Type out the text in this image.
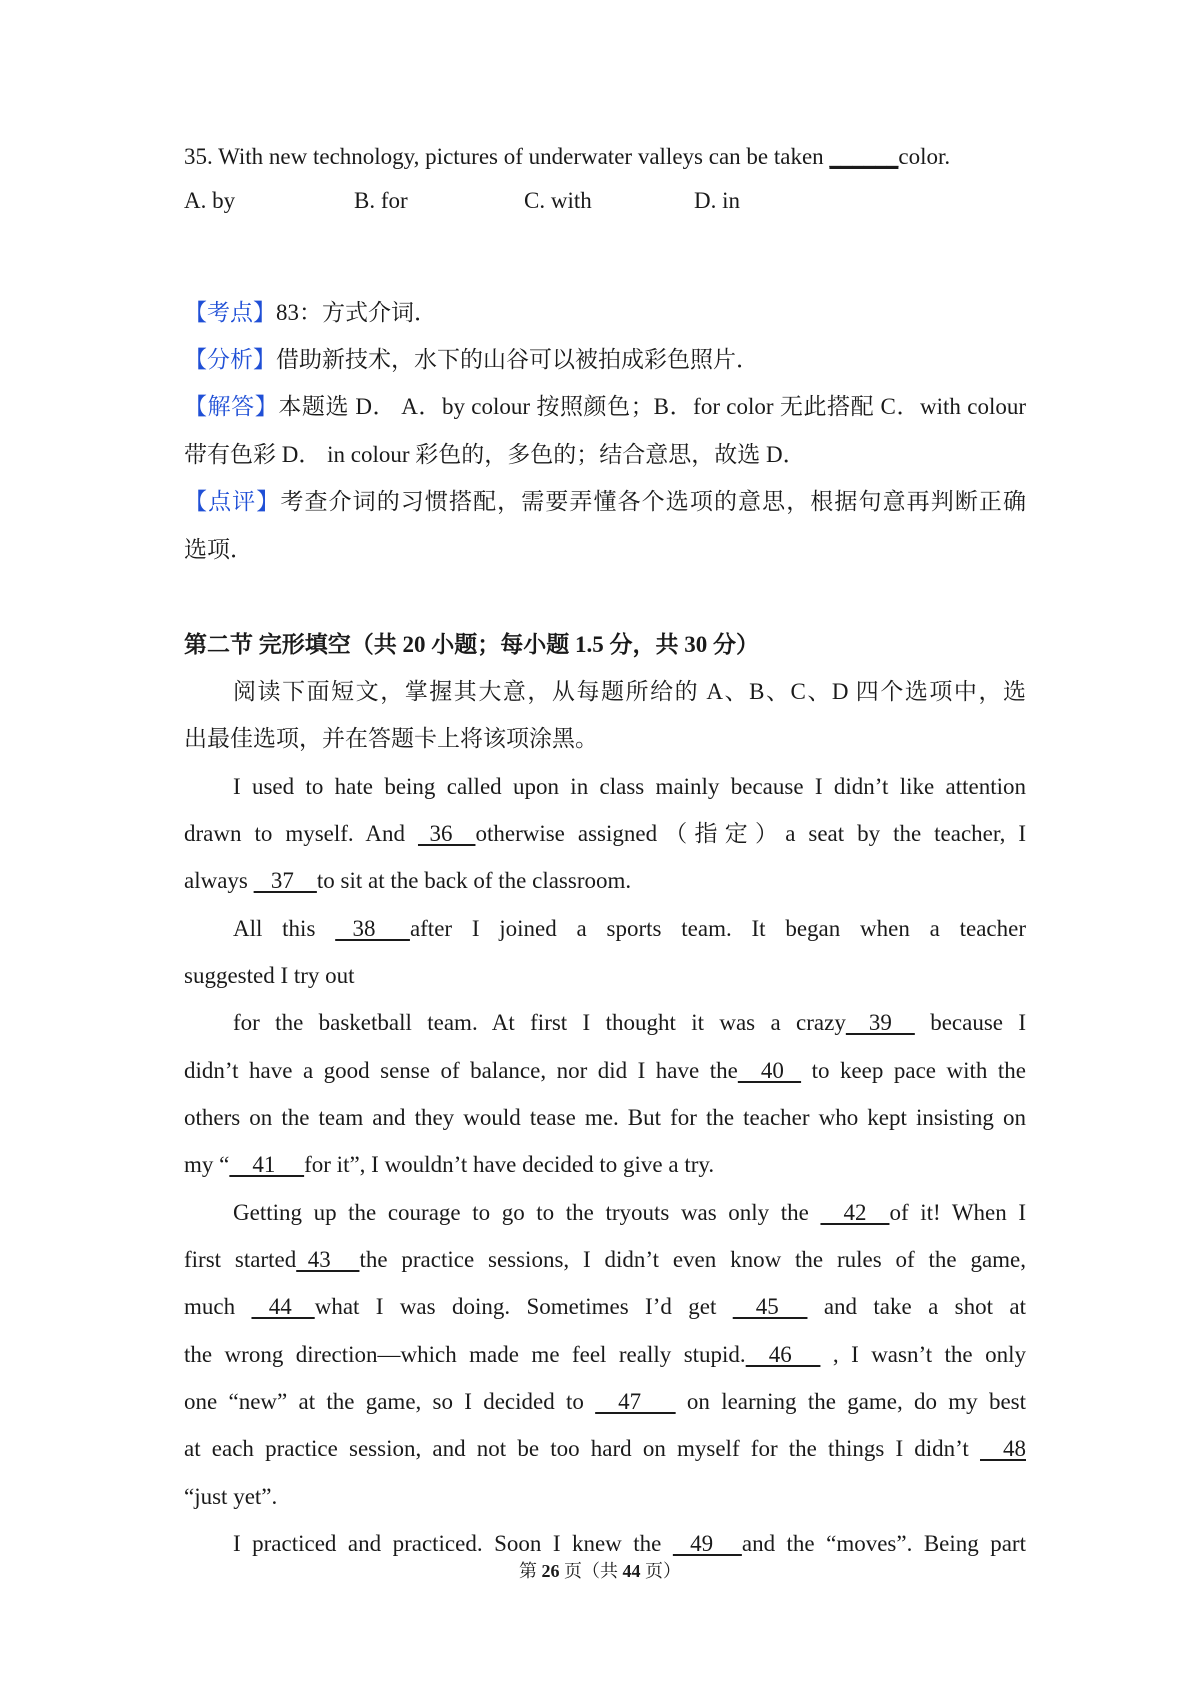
35. With new technology, pictures of underwater valleys can be taken ______color.
A. by	B. for	C. with	D. in
【考点】83：方式介词．
【分析】借助新技术，水下的山谷可以被拍成彩色照片．
【解答】本题选 D． A．by colour 按照颜色；B．for color 无此搭配 C．with colour
带有色彩 D． in colour 彩色的，多色的；结合意思，故选 D．
【点评】考查介词的习惯搭配，需要弄懂各个选项的意思，根据句意再判断正确
选项．
第二节 完形填空（共 20 小题；每小题 1.5 分，共 30 分）
阅读下面短文，掌握其大意，从每题所给的 A、B、C、D 四个选项中，选
出最佳选项，并在答题卡上将该项涂黑。
I used to hate being called upon in class mainly because I didn’t like attention
drawn to myself. And   36    otherwise assigned（指定）a seat by the teacher, I
always    37    to sit at the back of the classroom.
All this    38      after I joined a sports team. It began when a teacher
suggested I try out
for the basketball team. At first I thought it was a crazy    39     because I
didn’t have a good sense of balance, nor did I have the    40    to keep pace with the
others on the team and they would tease me. But for the teacher who kept insisting on
my “    41     for it”, I wouldn’t have decided to give a try.
Getting up the courage to go to the tryouts was only the     42    of it! When I
first started  43     the practice sessions, I didn’t even know the rules of the game,
much    44    what I was doing. Sometimes I’d get     45      and take a shot at
the wrong direction—which made me feel really stupid.    46      , I wasn’t the only
one “new” at the game, so I decided to     47       on learning the game, do my best
at each practice session, and not be too hard on myself for the things I didn’t     48
“just yet”.
I practiced and practiced. Soon I knew the    49     and the “moves”. Being part
第 26 页（共 44 页）
